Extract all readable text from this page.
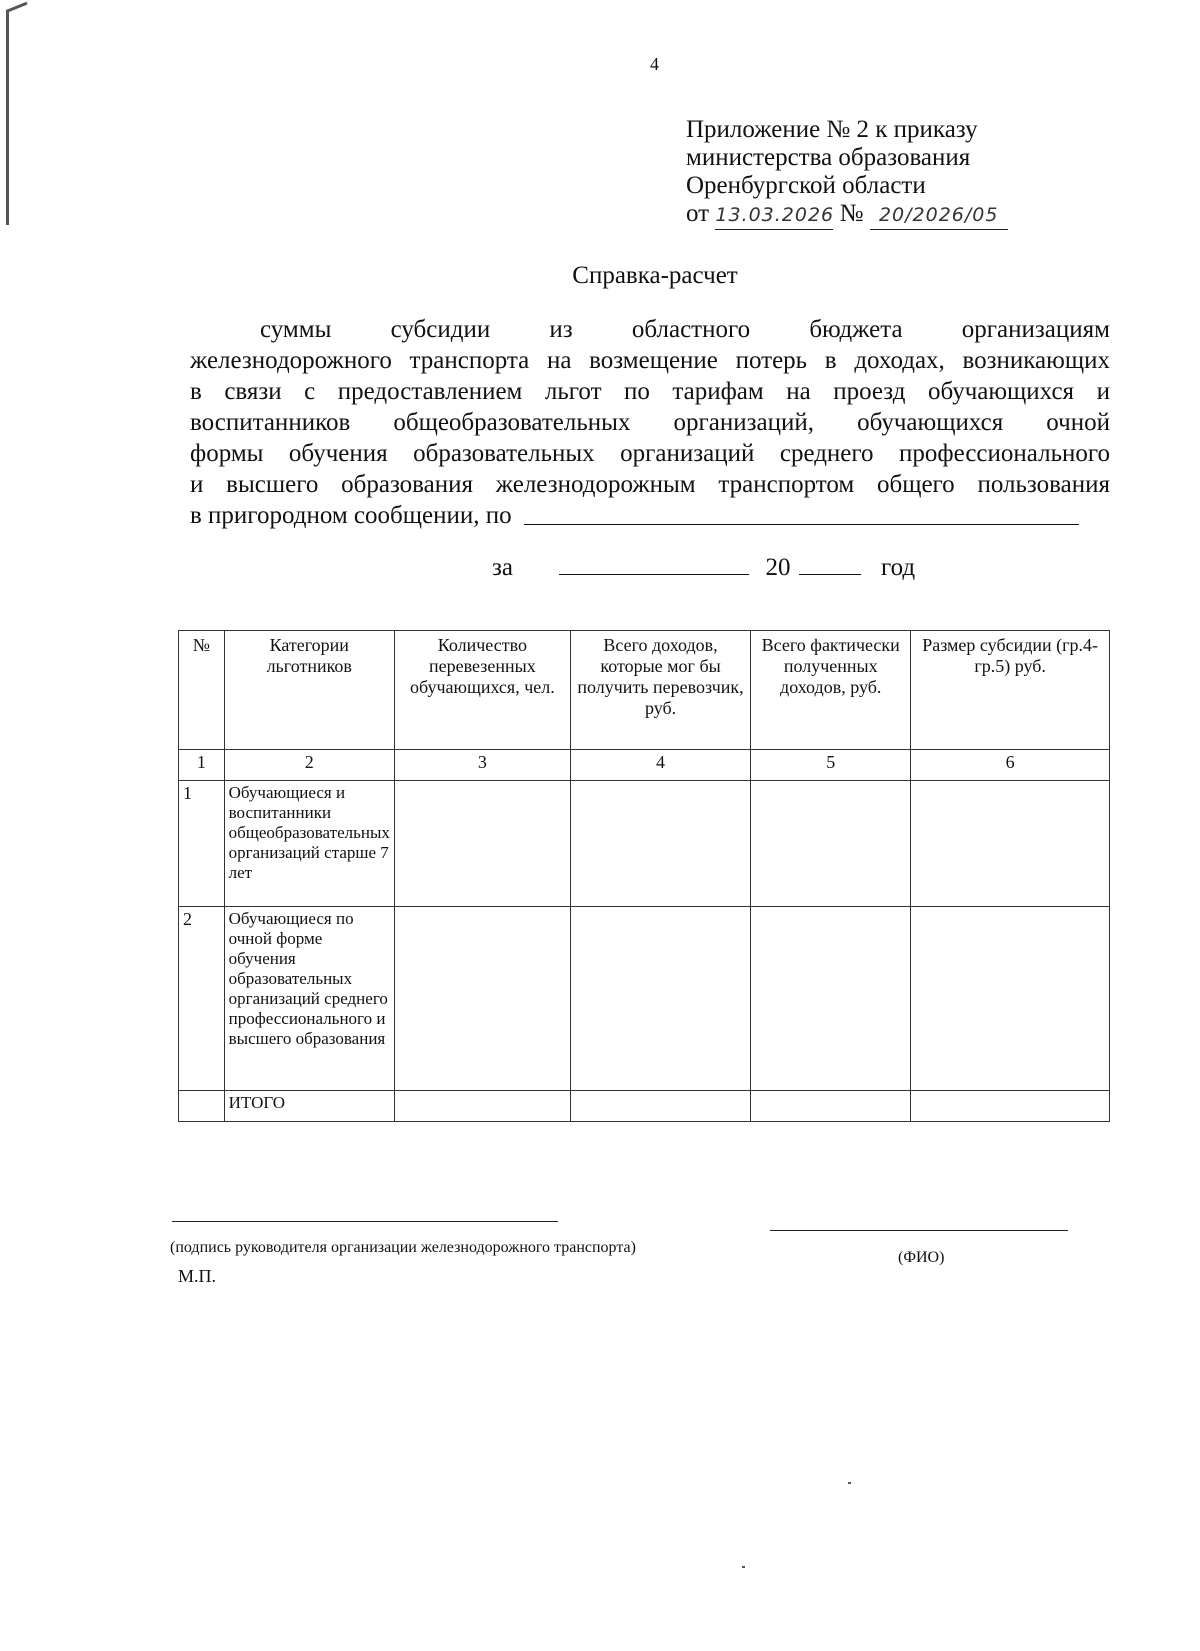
4
Приложение № 2 к приказу
министерства образования
Оренбургской области
от 13.03.2026 № 20/2026/05
Справка-расчет
суммы субсидии из областного бюджета организациям
железнодорожного транспорта на возмещение потерь в доходах, возникающих
в связи с предоставлением льгот по тарифам на проезд обучающихся и
воспитанников общеобразовательных организаций, обучающихся очной
формы обучения образовательных организаций среднего профессионального
и высшего образования железнодорожным транспортом общего пользования
в пригородном сообщении, по
за	20	год
№	Категории льготников	Количество перевезенных обучающихся, чел.	Всего доходов, которые мог бы получить перевозчик, руб.	Всего фактически полученных доходов, руб.	Размер субсидии (гр.4-гр.5) руб.
1	2	3	4	5	6
1	Обучающиеся и воспитанники общеобразовательных организаций старше 7 лет				
2	Обучающиеся по очной форме обучения образовательных организаций среднего профессионального и высшего образования				
	ИТОГО				
(подпись руководителя организации железнодорожного транспорта)
(ФИО)
М.П.
